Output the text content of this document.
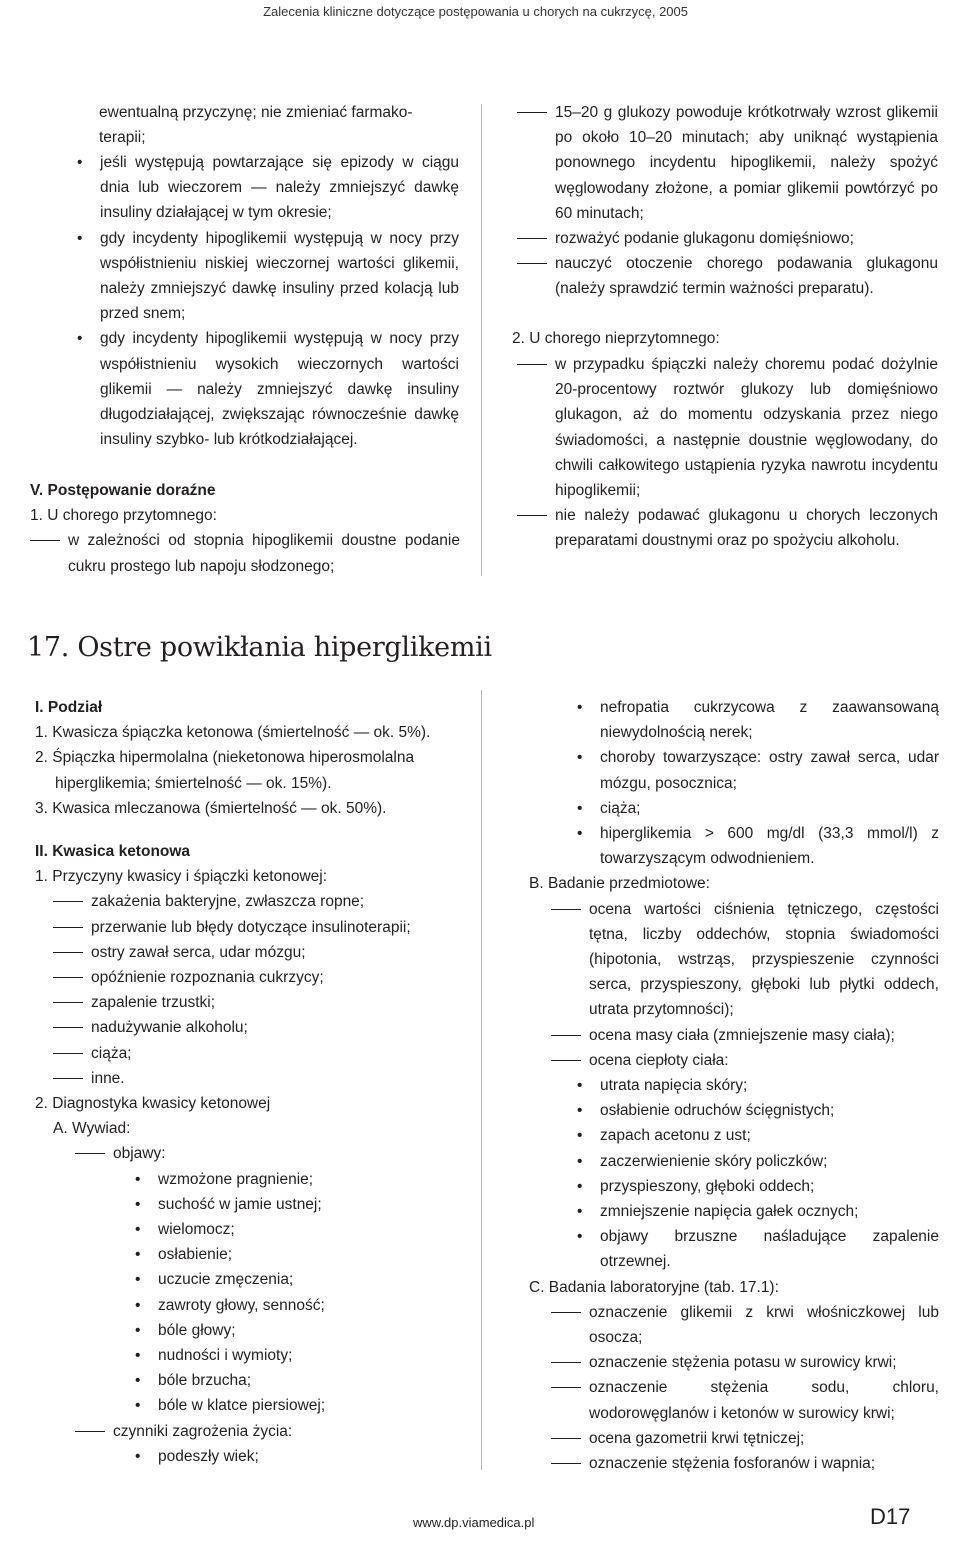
Zalecenia kliniczne dotyczące postępowania u chorych na cukrzycę, 2005

ewentualną przyczynę; nie zmieniać farmako-

terapii;

• jeśli występują powtarzające się epizody w ciągu dnia lub wieczorem — należy zmniejszyć dawkę insuliny działającej w tym okresie;

• gdy incydenty hipoglikemii występują w nocy przy współistnieniu niskiej wieczornej wartości glikemii, należy zmniejszyć dawkę insuliny przed kolacją lub przed snem;

• gdy incydenty hipoglikemii występują w nocy przy współistnieniu wysokich wieczornych wartości glikemii — należy zmniejszyć dawkę insuliny długodziałającej, zwiększając równocześnie dawkę insuliny szybko- lub krótkodziałającej.

V. Postępowanie doraźne

1. U chorego przytomnego:

w zależności od stopnia hipoglikemii doustne podanie cukru prostego lub napoju słodzonego;

15–20 g glukozy powoduje krótkotrwały wzrost glikemii po około 10–20 minutach; aby uniknąć wystąpienia ponownego incydentu hipoglikemii, należy spożyć węglowodany złożone, a pomiar glikemii powtórzyć po 60 minutach;

rozważyć podanie glukagonu domięśniowo;

nauczyć otoczenie chorego podawania glukagonu (należy sprawdzić termin ważności preparatu).

2. U chorego nieprzytomnego:

w przypadku śpiączki należy choremu podać dożylnie 20-procentowy roztwór glukozy lub domięśniowo glukagon, aż do momentu odzyskania przez niego świadomości, a następnie doustnie węglowodany, do chwili całkowitego ustąpienia ryzyka nawrotu incydentu hipoglikemii;

nie należy podawać glukagonu u chorych leczonych preparatami doustnymi oraz po spożyciu alkoholu.

17. Ostre powikłania hiperglikemii

I. Podział

1. Kwasicza śpiączka ketonowa (śmiertelność — ok. 5%).

2. Śpiączka hipermolalna (nieketonowa hiperosmolalna hiperglikemia; śmiertelność — ok. 15%).

3. Kwasica mleczanowa (śmiertelność — ok. 50%).

II. Kwasica ketonowa

1. Przyczyny kwasicy i śpiączki ketonowej:

zakażenia bakteryjne, zwłaszcza ropne;

przerwanie lub błędy dotyczące insulinoterapii;

ostry zawał serca, udar mózgu;

opóźnienie rozpoznania cukrzycy;

zapalenie trzustki;

nadużywanie alkoholu;

ciąża;

inne.

2. Diagnostyka kwasicy ketonowej

A. Wywiad:

objawy:

• wzmożone pragnienie;

• suchość w jamie ustnej;

• wielomocz;

• osłabienie;

• uczucie zmęczenia;

• zawroty głowy, senność;

• bóle głowy;

• nudności i wymioty;

• bóle brzucha;

• bóle w klatce piersiowej;

czynniki zagrożenia życia:

• podeszły wiek;

• nefropatia cukrzycowa z zaawansowaną niewydolnością nerek;

• choroby towarzyszące: ostry zawał serca, udar mózgu, posocznica;

• ciąża;

• hiperglikemia > 600 mg/dl (33,3 mmol/l) z towarzyszącym odwodnieniem.

B. Badanie przedmiotowe:

ocena wartości ciśnienia tętniczego, częstości tętna, liczby oddechów, stopnia świadomości (hipotonia, wstrząs, przyspieszenie czynności serca, przyspieszony, głęboki lub płytki oddech, utrata przytomności);

ocena masy ciała (zmniejszenie masy ciała);

ocena ciepłoty ciała:

• utrata napięcia skóry;

• osłabienie odruchów ścięgnistych;

• zapach acetonu z ust;

• zaczerwienienie skóry policzków;

• przyspieszony, głęboki oddech;

• zmniejszenie napięcia gałek ocznych;

• objawy brzuszne naśladujące zapalenie otrzewnej.

C. Badania laboratoryjne (tab. 17.1):

oznaczenie glikemii z krwi włośniczkowej lub osocza;

oznaczenie stężenia potasu w surowicy krwi;

oznaczenie stężenia sodu, chloru, wodorowęglanów i ketonów w surowicy krwi;

ocena gazometrii krwi tętniczej;

oznaczenie stężenia fosforanów i wapnia;

www.dp.viamedica.pl	D17
